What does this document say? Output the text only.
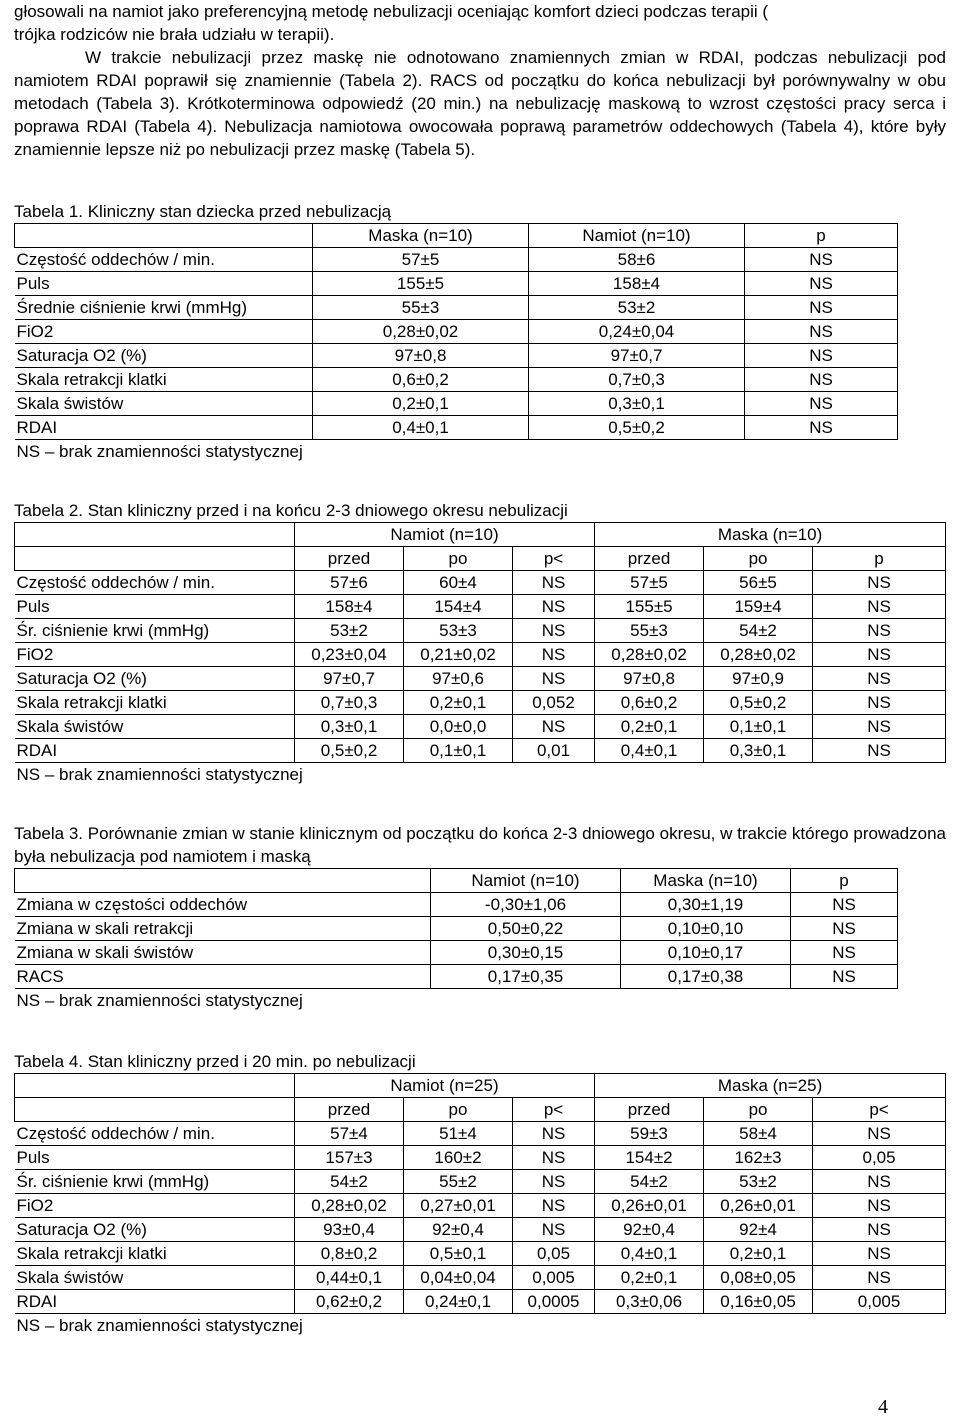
głosowali na namiot jako preferencyjną metodę nebulizacji oceniając komfort dzieci podczas terapii (

trójka rodziców nie brała udziału w terapii).

W trakcie nebulizacji przez maskę nie odnotowano znamiennych zmian w RDAI, podczas nebulizacji pod namiotem RDAI poprawił się znamiennie (Tabela 2). RACS od początku do końca nebulizacji był porównywalny w obu metodach (Tabela 3). Krótkoterminowa odpowiedź (20 min.) na nebulizację maskową to wzrost częstości pracy serca i poprawa RDAI (Tabela 4). Nebulizacja namiotowa owocowała poprawą parametrów oddechowych (Tabela 4), które były znamiennie lepsze niż po nebulizacji przez maskę (Tabela 5).

Tabela 1. Kliniczny stan dziecka przed nebulizacją

	Maska (n=10)	Namiot (n=10)	p
Częstość oddechów / min.	57±5	58±6	NS
Puls	155±5	158±4	NS
Średnie ciśnienie krwi (mmHg)	55±3	53±2	NS
FiO2	0,28±0,02	0,24±0,04	NS
Saturacja O2 (%)	97±0,8	97±0,7	NS
Skala retrakcji klatki	0,6±0,2	0,7±0,3	NS
Skala świstów	0,2±0,1	0,3±0,1	NS
RDAI	0,4±0,1	0,5±0,2	NS
NS – brak znamienności statystycznej			

Tabela 2. Stan kliniczny przed i na końcu 2-3 dniowego okresu nebulizacji

	Namiot (n=10)			Maska (n=10)		
	przed	po	p<	przed	po	p
Częstość oddechów / min.	57±6	60±4	NS	57±5	56±5	NS
Puls	158±4	154±4	NS	155±5	159±4	NS
Śr. ciśnienie krwi (mmHg)	53±2	53±3	NS	55±3	54±2	NS
FiO2	0,23±0,04	0,21±0,02	NS	0,28±0,02	0,28±0,02	NS
Saturacja O2 (%)	97±0,7	97±0,6	NS	97±0,8	97±0,9	NS
Skala retrakcji klatki	0,7±0,3	0,2±0,1	0,052	0,6±0,2	0,5±0,2	NS
Skala świstów	0,3±0,1	0,0±0,0	NS	0,2±0,1	0,1±0,1	NS
RDAI	0,5±0,2	0,1±0,1	0,01	0,4±0,1	0,3±0,1	NS
NS – brak znamienności statystycznej						

Tabela 3. Porównanie zmian w stanie klinicznym od początku do końca 2-3 dniowego okresu, w trakcie którego prowadzona była nebulizacja pod namiotem i maską

	Namiot (n=10)	Maska (n=10)	p
Zmiana w częstości oddechów	-0,30±1,06	0,30±1,19	NS
Zmiana w skali retrakcji	0,50±0,22	0,10±0,10	NS
Zmiana w skali świstów	0,30±0,15	0,10±0,17	NS
RACS	0,17±0,35	0,17±0,38	NS
NS – brak znamienności statystycznej			

Tabela 4. Stan kliniczny przed i 20 min. po nebulizacji

	Namiot (n=25)			Maska (n=25)		
	przed	po	p<	przed	po	p<
Częstość oddechów / min.	57±4	51±4	NS	59±3	58±4	NS
Puls	157±3	160±2	NS	154±2	162±3	0,05
Śr. ciśnienie krwi (mmHg)	54±2	55±2	NS	54±2	53±2	NS
FiO2	0,28±0,02	0,27±0,01	NS	0,26±0,01	0,26±0,01	NS
Saturacja O2 (%)	93±0,4	92±0,4	NS	92±0,4	92±4	NS
Skala retrakcji klatki	0,8±0,2	0,5±0,1	0,05	0,4±0,1	0,2±0,1	NS
Skala świstów	0,44±0,1	0,04±0,04	0,005	0,2±0,1	0,08±0,05	NS
RDAI	0,62±0,2	0,24±0,1	0,0005	0,3±0,06	0,16±0,05	0,005
NS – brak znamienności statystycznej						
4
